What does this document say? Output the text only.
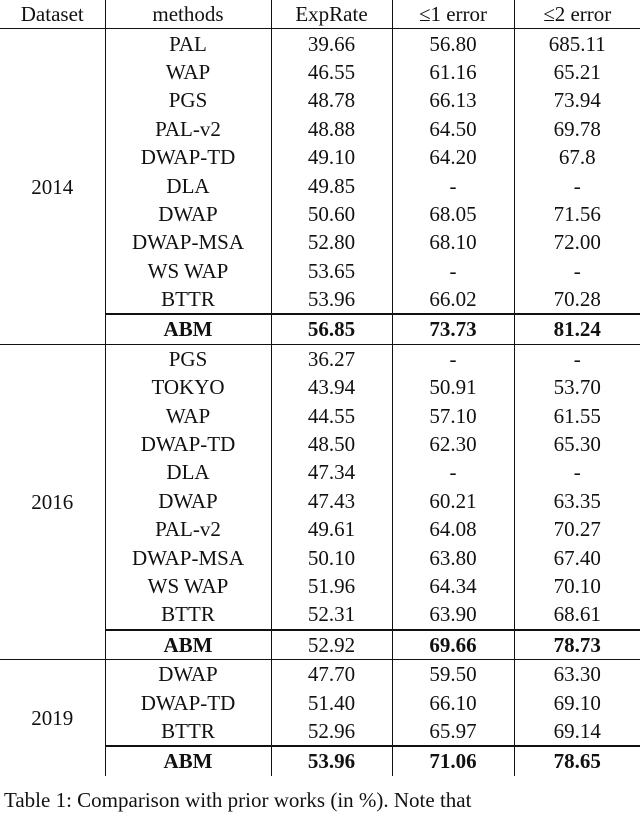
Dataset	methods	ExpRate	≤1 error	≤2 error
2014	PAL	39.66	56.80	685.11
	WAP	46.55	61.16	65.21
	PGS	48.78	66.13	73.94
	PAL-v2	48.88	64.50	69.78
	DWAP-TD	49.10	64.20	67.8
	DLA	49.85	-	-
	DWAP	50.60	68.05	71.56
	DWAP-MSA	52.80	68.10	72.00
	WS WAP	53.65	-	-
	BTTR	53.96	66.02	70.28
	ABM	56.85	73.73	81.24
2016	PGS	36.27	-	-
	TOKYO	43.94	50.91	53.70
	WAP	44.55	57.10	61.55
	DWAP-TD	48.50	62.30	65.30
	DLA	47.34	-	-
	DWAP	47.43	60.21	63.35
	PAL-v2	49.61	64.08	70.27
	DWAP-MSA	50.10	63.80	67.40
	WS WAP	51.96	64.34	70.10
	BTTR	52.31	63.90	68.61
	ABM	52.92	69.66	78.73
2019	DWAP	47.70	59.50	63.30
	DWAP-TD	51.40	66.10	69.10
	BTTR	52.96	65.97	69.14
	ABM	53.96	71.06	78.65
Table 1: Comparison with prior works (in %). Note that
